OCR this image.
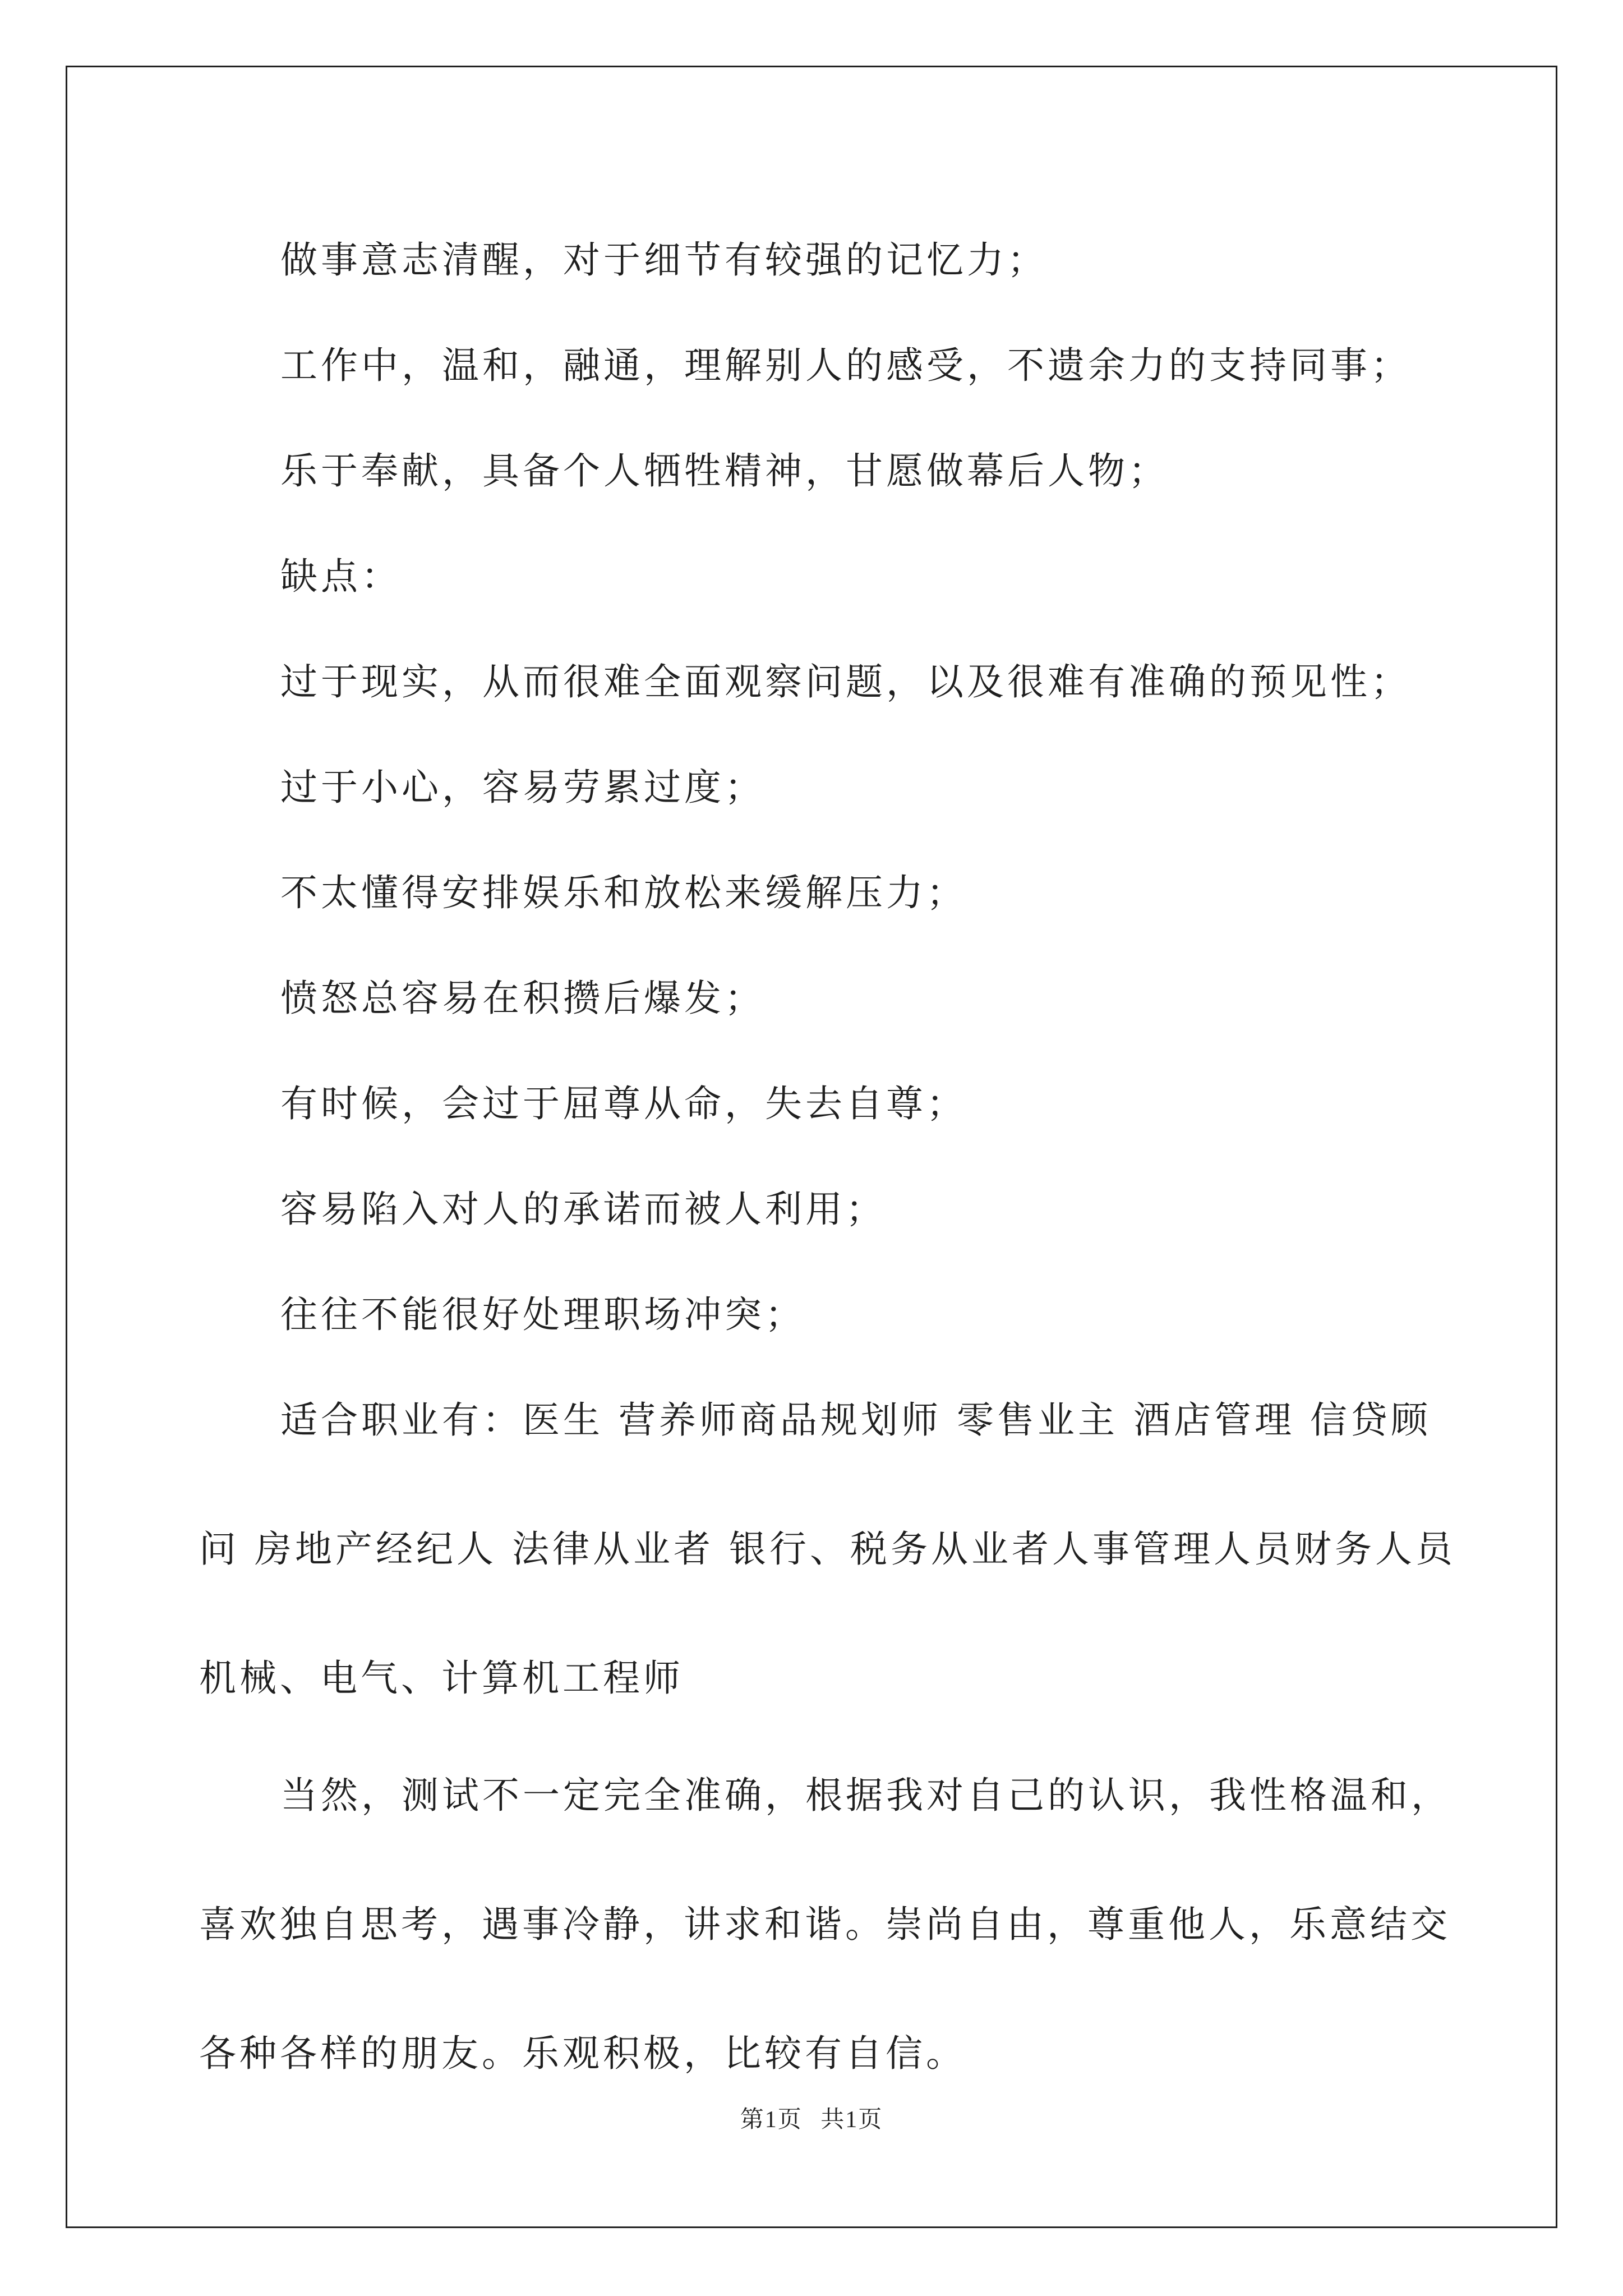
做事意志清醒，对于细节有较强的记忆力；

工作中，温和，融通，理解别人的感受，不遗余力的支持同事；

乐于奉献，具备个人牺牲精神，甘愿做幕后人物；

缺点：

过于现实，从而很难全面观察问题，以及很难有准确的预见性；

过于小心，容易劳累过度；

不太懂得安排娱乐和放松来缓解压力；

愤怒总容易在积攒后爆发；

有时候，会过于屈尊从命，失去自尊；

容易陷入对人的承诺而被人利用；

往往不能很好处理职场冲突；

适合职业有：医生 营养师商品规划师 零售业主 酒店管理 信贷顾问 房地产经纪人 法律从业者 银行、税务从业者人事管理人员财务人员机械、电气、计算机工程师

当然，测试不一定完全准确，根据我对自己的认识，我性格温和，喜欢独自思考，遇事冷静，讲求和谐。崇尚自由，尊重他人，乐意结交各种各样的朋友。乐观积极，比较有自信。

第1页 共1页
